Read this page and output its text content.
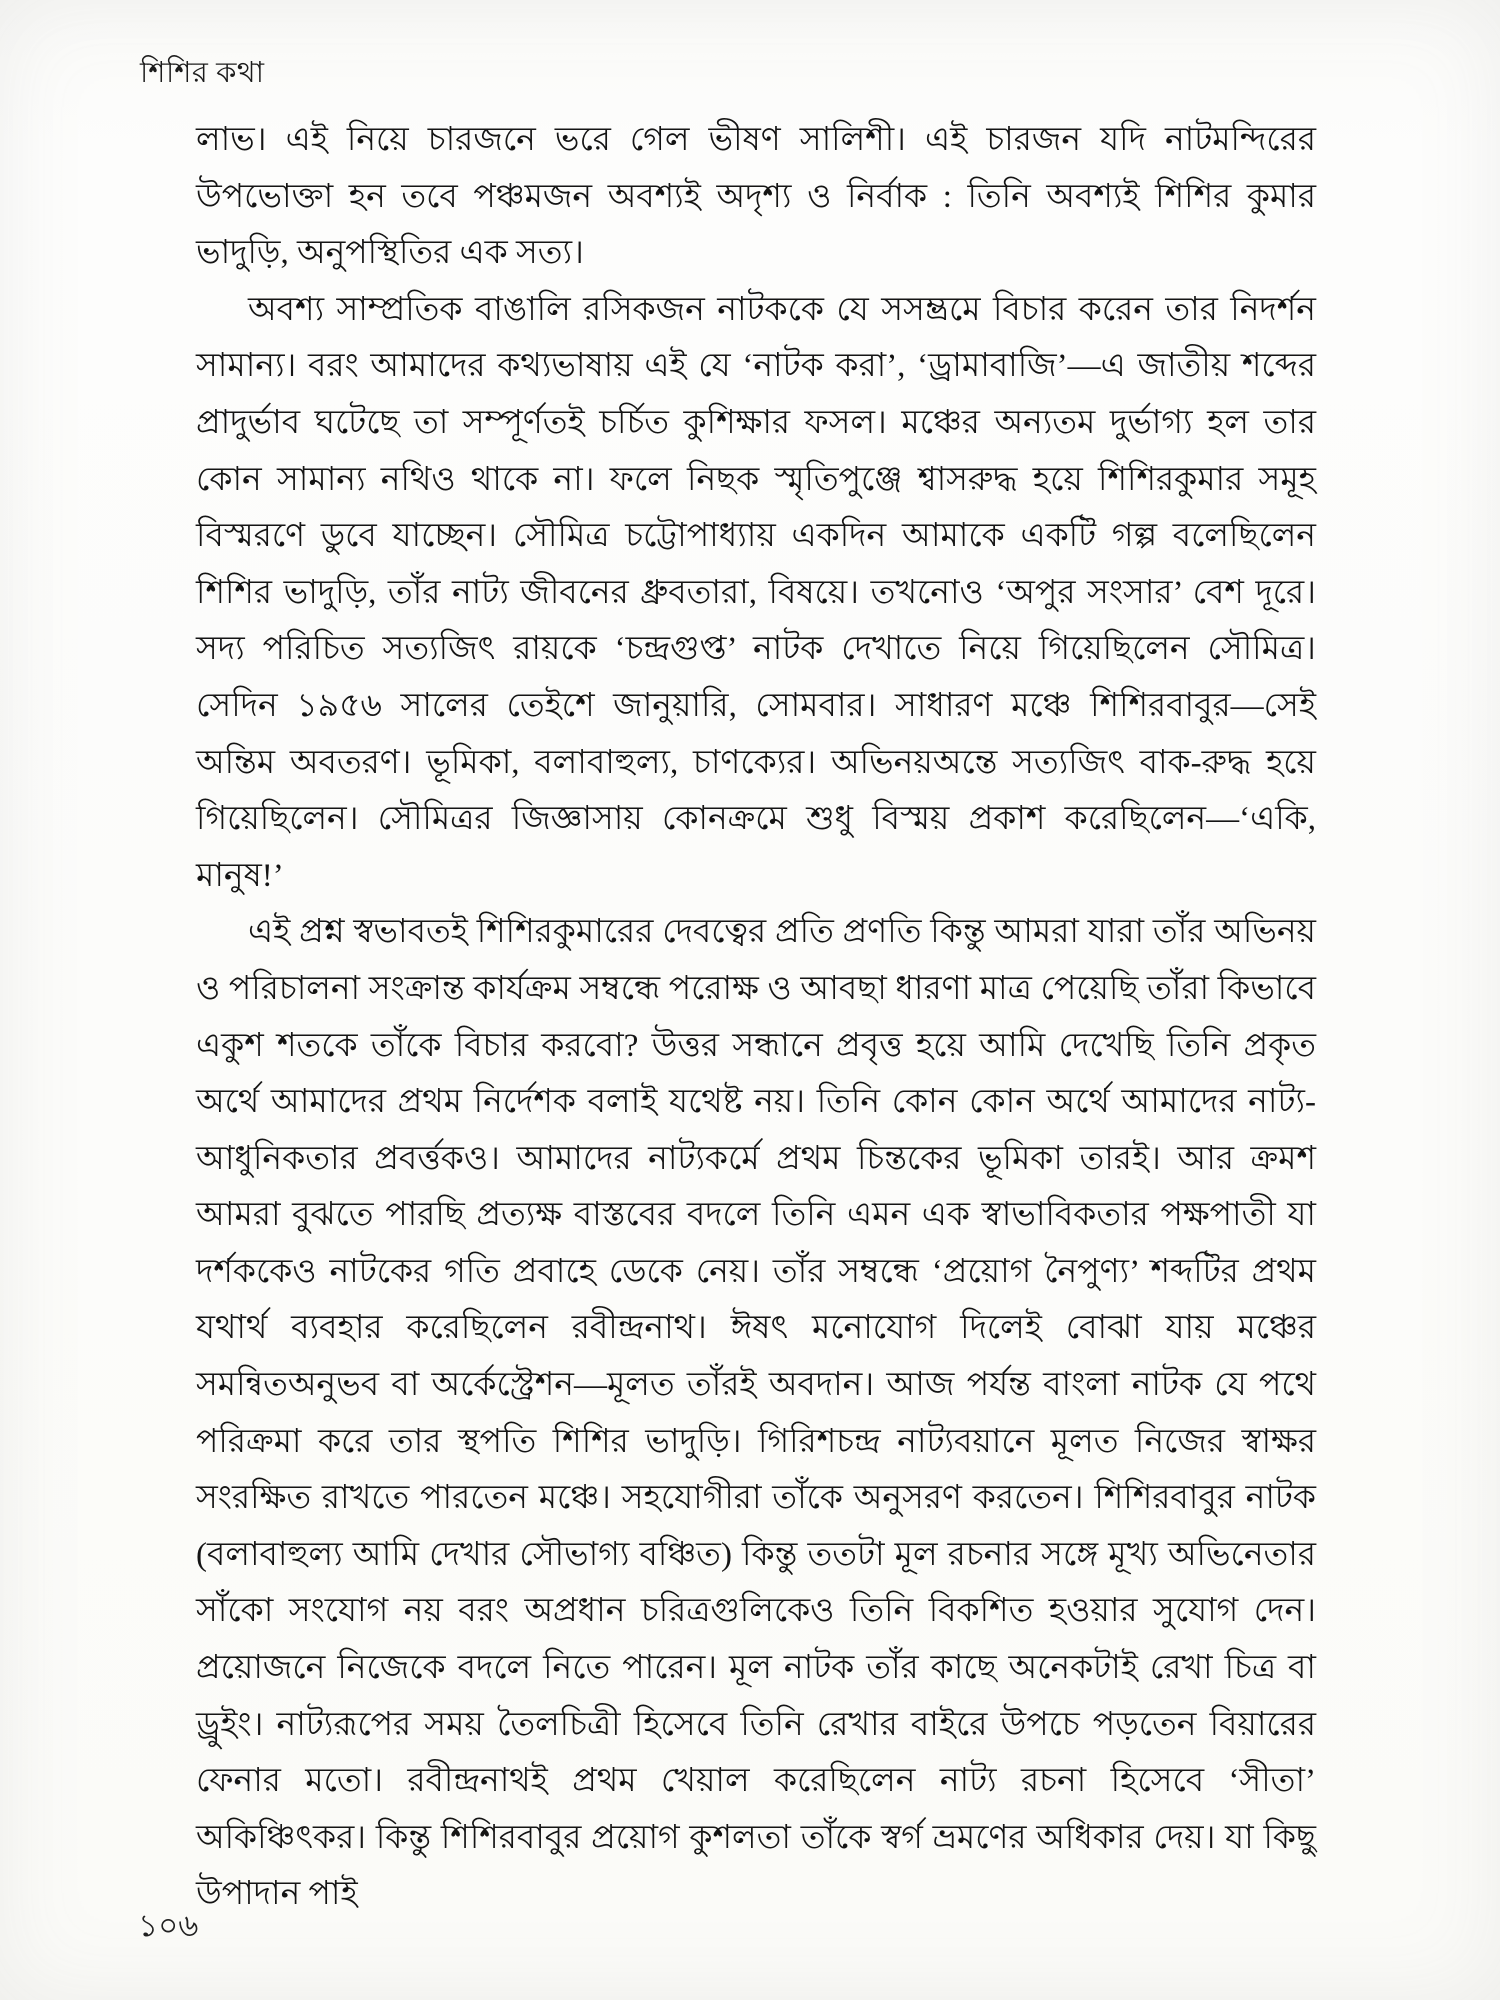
শিশির কথা

লাভ। এই নিয়ে চারজনে ভরে গেল ভীষণ সালিশী। এই চারজন যদি নাটমন্দিরের উপভোক্তা হন তবে পঞ্চমজন অবশ্যই অদৃশ্য ও নির্বাক : তিনি অবশ্যই শিশির কুমার ভাদুড়ি, অনুপস্থিতির এক সত্য।

অবশ্য সাম্প্রতিক বাঙালি রসিকজন নাটককে যে সসম্ভ্রমে বিচার করেন তার নিদর্শন সামান্য। বরং আমাদের কথ্যভাষায় এই যে ‘নাটক করা’, ‘ড্রামাবাজি’—এ জাতীয় শব্দের প্রাদুর্ভাব ঘটেছে তা সম্পূর্ণতই চর্চিত কুশিক্ষার ফসল। মঞ্চের অন্যতম দুর্ভাগ্য হল তার কোন সামান্য নথিও থাকে না। ফলে নিছক স্মৃতিপুঞ্জে শ্বাসরুদ্ধ হয়ে শিশিরকুমার সমূহ বিস্মরণে ডুবে যাচ্ছেন। সৌমিত্র চট্টোপাধ্যায় একদিন আমাকে একটি গল্প বলেছিলেন শিশির ভাদুড়ি, তাঁর নাট্য জীবনের ধ্রুবতারা, বিষয়ে। তখনোও ‘অপুর সংসার’ বেশ দূরে। সদ্য পরিচিত সত্যজিৎ রায়কে ‘চন্দ্রগুপ্ত’ নাটক দেখাতে নিয়ে গিয়েছিলেন সৌমিত্র। সেদিন ১৯৫৬ সালের তেইশে জানুয়ারি, সোমবার। সাধারণ মঞ্চে শিশিরবাবুর—সেই অন্তিম অবতরণ। ভূমিকা, বলাবাহুল্য, চাণক্যের। অভিনয়অন্তে সত্যজিৎ বাক-রুদ্ধ হয়ে গিয়েছিলেন। সৌমিত্রর জিজ্ঞাসায় কোনক্রমে শুধু বিস্ময় প্রকাশ করেছিলেন—‘একি, মানুষ!’

এই প্রশ্ন স্বভাবতই শিশিরকুমারের দেবত্বের প্রতি প্রণতি কিন্তু আমরা যারা তাঁর অভিনয় ও পরিচালনা সংক্রান্ত কার্যক্রম সম্বন্ধে পরোক্ষ ও আবছা ধারণা মাত্র পেয়েছি তাঁরা কিভাবে একুশ শতকে তাঁকে বিচার করবো? উত্তর সন্ধানে প্রবৃত্ত হয়ে আমি দেখেছি তিনি প্রকৃত অর্থে আমাদের প্রথম নির্দেশক বলাই যথেষ্ট নয়। তিনি কোন কোন অর্থে আমাদের নাট্য-আধুনিকতার প্রবর্ত্তকও। আমাদের নাট্যকর্মে প্রথম চিন্তকের ভূমিকা তারই। আর ক্রমশ আমরা বুঝতে পারছি প্রত্যক্ষ বাস্তবের বদলে তিনি এমন এক স্বাভাবিকতার পক্ষপাতী যা দর্শককেও নাটকের গতি প্রবাহে ডেকে নেয়। তাঁর সম্বন্ধে ‘প্রয়োগ নৈপুণ্য’ শব্দটির প্রথম যথার্থ ব্যবহার করেছিলেন রবীন্দ্রনাথ। ঈষৎ মনোযোগ দিলেই বোঝা যায় মঞ্চের সমন্বিতঅনুভব বা অর্কেস্ট্রেশন—মূলত তাঁরই অবদান। আজ পর্যন্ত বাংলা নাটক যে পথে পরিক্রমা করে তার স্থপতি শিশির ভাদুড়ি। গিরিশচন্দ্র নাট্যবয়ানে মূলত নিজের স্বাক্ষর সংরক্ষিত রাখতে পারতেন মঞ্চে। সহযোগীরা তাঁকে অনুসরণ করতেন। শিশিরবাবুর নাটক (বলাবাহুল্য আমি দেখার সৌভাগ্য বঞ্চিত) কিন্তু ততটা মূল রচনার সঙ্গে মূখ্য অভিনেতার সাঁকো সংযোগ নয় বরং অপ্রধান চরিত্রগুলিকেও তিনি বিকশিত হওয়ার সুযোগ দেন। প্রয়োজনে নিজেকে বদলে নিতে পারেন। মূল নাটক তাঁর কাছে অনেকটাই রেখা চিত্র বা ড্রুইং। নাট্যরূপের সময় তৈলচিত্রী হিসেবে তিনি রেখার বাইরে উপচে পড়তেন বিয়ারের ফেনার মতো। রবীন্দ্রনাথই প্রথম খেয়াল করেছিলেন নাট্য রচনা হিসেবে ‘সীতা’ অকিঞ্চিৎকর। কিন্তু শিশিরবাবুর প্রয়োগ কুশলতা তাঁকে স্বর্গ ভ্রমণের অধিকার দেয়। যা কিছু উপাদান পাই

১০৬
